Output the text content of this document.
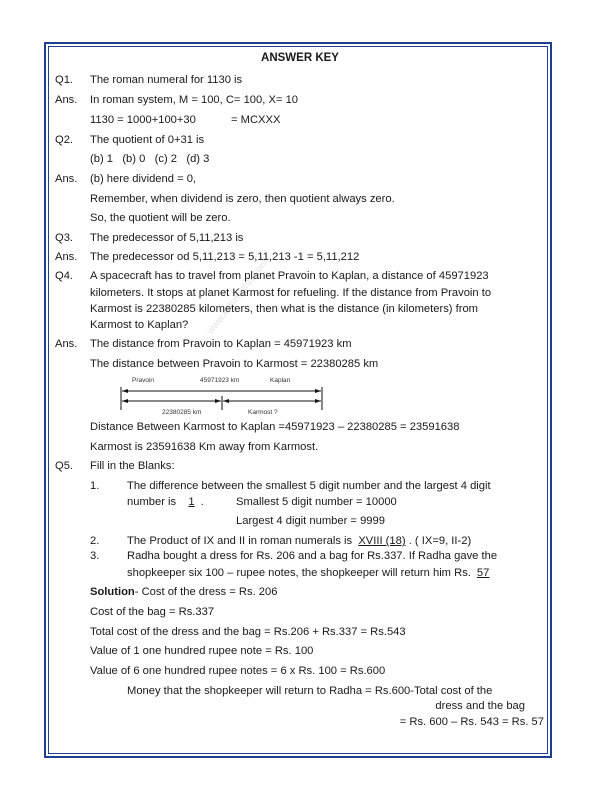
www.kidsmathtv.com
ANSWER KEY
Q1. The roman numeral for 1130 is
Ans. In roman system, M = 100, C= 100, X= 10
1130 = 1000+100+30	= MCXXX
Q2. The quotient of 0+31 is
(b) 1   (b) 0   (c) 2   (d) 3
Ans. (b) here dividend = 0,
Remember, when dividend is zero, then quotient always zero.
So, the quotient will be zero.
Q3. The predecessor of 5,11,213 is
Ans. The predecessor od 5,11,213 = 5,11,213 -1 = 5,11,212
Q4. A spacecraft has to travel from planet Pravoin to Kaplan, a distance of 45971923
kilometers. It stops at planet Karmost for refueling. If the distance from Pravoin to
Karmost is 22380285 kilometers, then what is the distance (in kilometers) from
Karmost to Kaplan?
Ans. The distance from Pravoin to Kaplan = 45971923 km
The distance between Pravoin to Karmost = 22380285 km
Pravoin	45971923 km	Kaplan
22380285 km	Karmost ?
Distance Between Karmost to Kaplan =45971923 – 22380285 = 23591638
Karmost is 23591638 Km away from Karmost.
Q5. Fill in the Blanks:
1. The difference between the smallest 5 digit number and the largest 4 digit
number is 1 .	Smallest 5 digit number = 10000
Largest 4 digit number = 9999
2. The Product of IX and II in roman numerals is XVIII (18) . ( IX=9, II-2)
3. Radha bought a dress for Rs. 206 and a bag for Rs.337. If Radha gave the
shopkeeper six 100 – rupee notes, the shopkeeper will return him Rs. 57
Solution- Cost of the dress = Rs. 206
Cost of the bag = Rs.337
Total cost of the dress and the bag = Rs.206 + Rs.337 = Rs.543
Value of 1 one hundred rupee note = Rs. 100
Value of 6 one hundred rupee notes = 6 x Rs. 100 = Rs.600
Money that the shopkeeper will return to Radha = Rs.600-Total cost of the
dress and the bag
= Rs. 600 – Rs. 543 = Rs. 57
